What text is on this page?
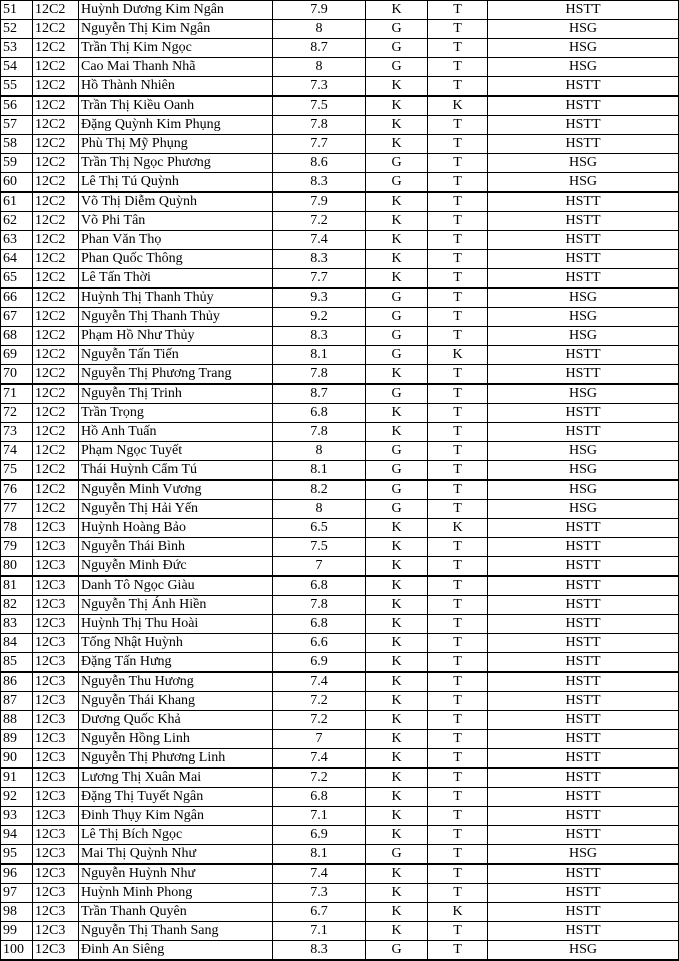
51	12C2	Huỳnh Dương Kim Ngân	7.9	K	T	HSTT
52	12C2	Nguyễn Thị Kim Ngân	8	G	T	HSG
53	12C2	Trần Thị Kim Ngọc	8.7	G	T	HSG
54	12C2	Cao Mai Thanh Nhã	8	G	T	HSG
55	12C2	Hồ Thành Nhiên	7.3	K	T	HSTT
56	12C2	Trần Thị Kiều Oanh	7.5	K	K	HSTT
57	12C2	Đặng Quỳnh Kim Phụng	7.8	K	T	HSTT
58	12C2	Phù Thị Mỹ Phụng	7.7	K	T	HSTT
59	12C2	Trần Thị Ngọc Phương	8.6	G	T	HSG
60	12C2	Lê Thị Tú Quỳnh	8.3	G	T	HSG
61	12C2	Võ Thị Diễm Quỳnh	7.9	K	T	HSTT
62	12C2	Võ Phi Tân	7.2	K	T	HSTT
63	12C2	Phan Văn Thọ	7.4	K	T	HSTT
64	12C2	Phan Quốc Thông	8.3	K	T	HSTT
65	12C2	Lê Tấn Thời	7.7	K	T	HSTT
66	12C2	Huỳnh Thị Thanh Thủy	9.3	G	T	HSG
67	12C2	Nguyễn Thị Thanh Thủy	9.2	G	T	HSG
68	12C2	Phạm Hồ Như Thủy	8.3	G	T	HSG
69	12C2	Nguyễn Tấn Tiến	8.1	G	K	HSTT
70	12C2	Nguyễn Thị Phương Trang	7.8	K	T	HSTT
71	12C2	Nguyễn Thị Trinh	8.7	G	T	HSG
72	12C2	Trần Trọng	6.8	K	T	HSTT
73	12C2	Hồ Anh Tuấn	7.8	K	T	HSTT
74	12C2	Phạm Ngọc Tuyết	8	G	T	HSG
75	12C2	Thái Huỳnh Cẩm Tú	8.1	G	T	HSG
76	12C2	Nguyễn Minh Vương	8.2	G	T	HSG
77	12C2	Nguyễn Thị Hải Yến	8	G	T	HSG
78	12C3	Huỳnh Hoàng Bảo	6.5	K	K	HSTT
79	12C3	Nguyễn Thái Bình	7.5	K	T	HSTT
80	12C3	Nguyễn Minh Đức	7	K	T	HSTT
81	12C3	Danh Tô Ngọc Giàu	6.8	K	T	HSTT
82	12C3	Nguyễn Thị Ánh Hiền	7.8	K	T	HSTT
83	12C3	Huỳnh Thị Thu Hoài	6.8	K	T	HSTT
84	12C3	Tống Nhật Huỳnh	6.6	K	T	HSTT
85	12C3	Đặng Tấn Hưng	6.9	K	T	HSTT
86	12C3	Nguyễn Thu Hương	7.4	K	T	HSTT
87	12C3	Nguyễn Thái Khang	7.2	K	T	HSTT
88	12C3	Dương Quốc Khả	7.2	K	T	HSTT
89	12C3	Nguyễn Hồng Linh	7	K	T	HSTT
90	12C3	Nguyễn Thị Phương Linh	7.4	K	T	HSTT
91	12C3	Lương Thị Xuân Mai	7.2	K	T	HSTT
92	12C3	Đặng Thị Tuyết Ngân	6.8	K	T	HSTT
93	12C3	Đinh Thụy Kim Ngân	7.1	K	T	HSTT
94	12C3	Lê Thị Bích Ngọc	6.9	K	T	HSTT
95	12C3	Mai Thị Quỳnh Như	8.1	G	T	HSG
96	12C3	Nguyễn Huỳnh Như	7.4	K	T	HSTT
97	12C3	Huỳnh Minh Phong	7.3	K	T	HSTT
98	12C3	Trần Thanh Quyên	6.7	K	K	HSTT
99	12C3	Nguyễn Thị Thanh Sang	7.1	K	T	HSTT
100	12C3	Đinh An Siêng	8.3	G	T	HSG
